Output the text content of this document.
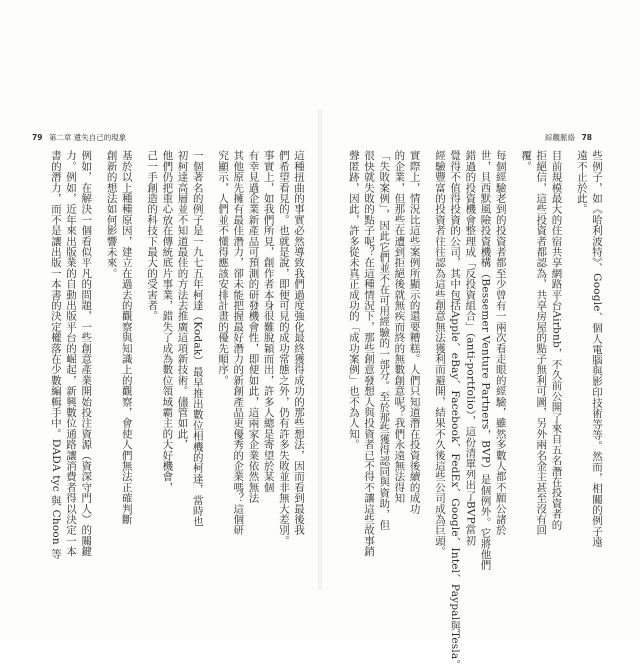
79 第二章 遺失自己的現象
這種扭曲的事實必然導致我們過度強化最終獲得成功的那些想法，因而看到最後我
們希望看見的。也就是說，即便可見的成功常態之外，仍有許多失敗並非無大差別。
事實上，如我們所見，創作者本身很難脫穎而出，許多人總是寄望於某個
有幸見過企業新產品可預測的研發機會性，即便如此，這兩家企業依然無法
其他原先擁有最佳潛力，卻未能把握最好潛力的新創產品更優秀的企業嗎？這個研
究顯示，人們並不懂得應該安排計畫的優先順序。
一個著名的例子是一九七五年柯達（Kodak）最早推出數位相機的柯達，當時也
初柯達高層並不知道最佳的方法去推廣這項新技術。儘管如此，
他們仍把重心放在傳統底片事業，錯失了成為數位領域霸主的大好機會，
己一手創造的科技下最大的受害者。
基於以上種種原因，建立在過去的觀察與知識上的觀察，會使人們無法正確判斷
創新的想法如何影響未來。
例如，在解決一個看似平凡的問題，一些創意產業開始投注資源（資深守門人）的關鍵
力。例如，近年來出版業的自動出版平台的崛起，新興數位通路讓消費者得以決定一本
書的潛力，而不是讓出版一本書的決定權落在少數編輯手中。DADA tyc 與 Choon 等
綜觀脈絡 78
些例子，如《哈利波特》、Google、個人電腦與影印技術等等。然而，相關的例子遠
遠不止於此。
目前規模最大的住宿共享網路平台Airbnb，不久前公開了來自五名潛在投資者的
拒絕信，這些投資者都認為，共享房屋的點子無利可圖，另外兩名金主甚至沒有回
覆。
每個經驗老到的投資者都至少曾有一兩次看走眼的經驗，雖然多數人都不願公諸於
世，貝西默風險投資機構（Bessemer Venture Partners，BVP）是個例外。它將他們
錯過的投資機會整理成「反投資組合」（anti-portfolio），這份清單列出了BVP當初
覺得不值得投資的公司，其中包括Apple、eBay、Facebook、FedEx、Google、Intel、Paypal與Tesla。
經驗豐富的投資者往往認為這些創意無法獲利而避開，結果不久後這些公司成為巨頭。
實際上，情況比這些案例所顯示的還要糟糕。人們只知道潛在投資後續的成功
的企業，但那些在遭到拒絕後就無疾而終的無數創意呢？我們永遠無法得知
「失敗案例」，因此它們並不在可用經驗的一部分。至於那些獲得認同與資助，但
很快就失敗的點子呢？在這種情況下，那些創意發想人與投資者已不得不讓這些故事銷
聲匿跡，因此，許多從未真正成功的「成功案例」也不為人知。
